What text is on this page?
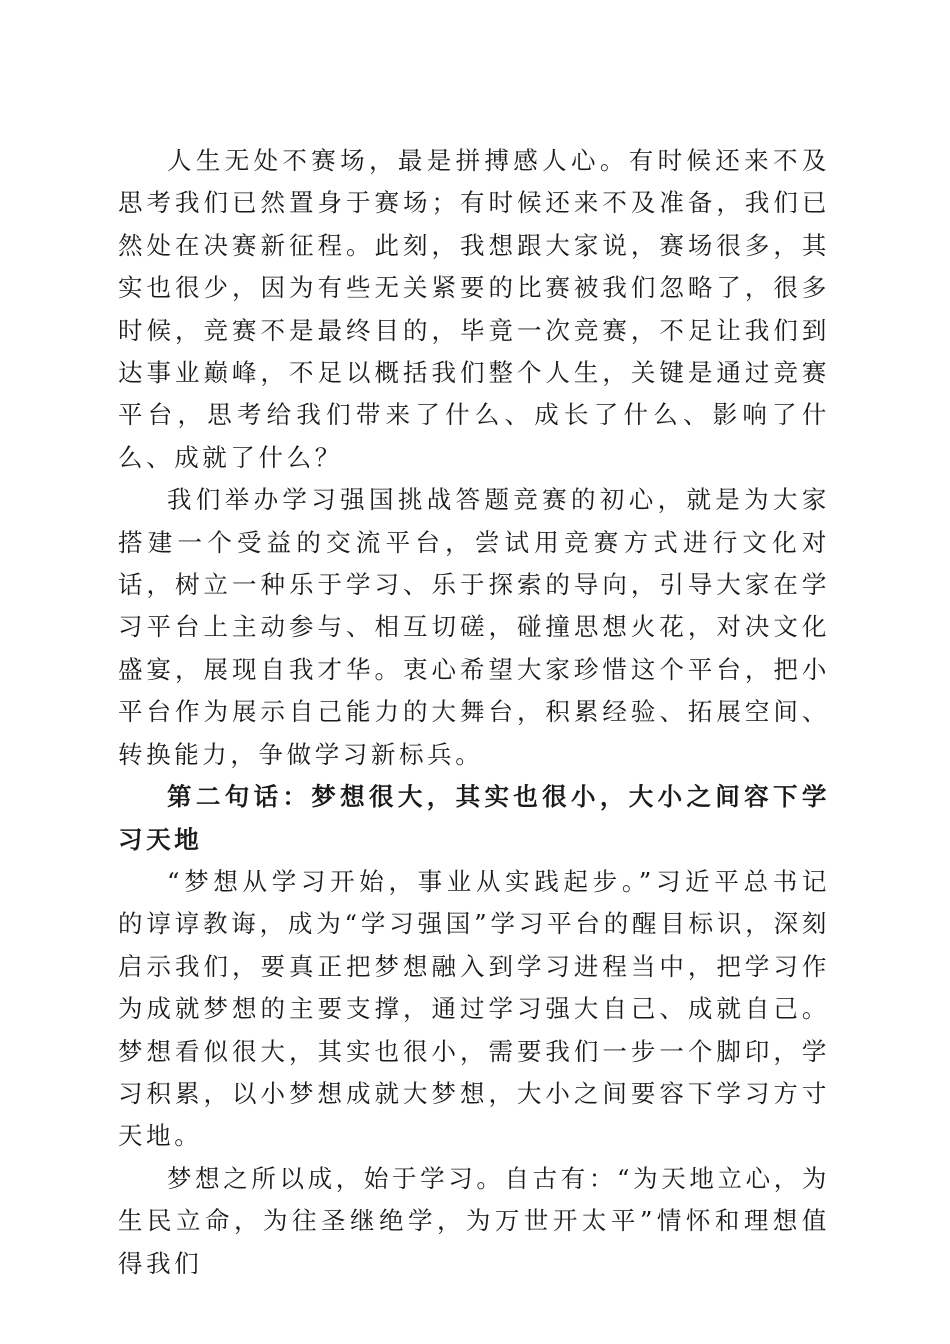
人生无处不赛场，最是拼搏感人心。有时候还来不及思考我们已然置身于赛场；有时候还来不及准备，我们已然处在决赛新征程。此刻，我想跟大家说，赛场很多，其实也很少，因为有些无关紧要的比赛被我们忽略了，很多时候，竞赛不是最终目的，毕竟一次竞赛，不足让我们到达事业巅峰，不足以概括我们整个人生，关键是通过竞赛平台，思考给我们带来了什么、成长了什么、影响了什么、成就了什么？

我们举办学习强国挑战答题竞赛的初心，就是为大家搭建一个受益的交流平台，尝试用竞赛方式进行文化对话，树立一种乐于学习、乐于探索的导向，引导大家在学习平台上主动参与、相互切磋，碰撞思想火花，对决文化盛宴，展现自我才华。衷心希望大家珍惜这个平台，把小平台作为展示自己能力的大舞台，积累经验、拓展空间、转换能力，争做学习新标兵。

第二句话：梦想很大，其实也很小，大小之间容下学习天地

“梦想从学习开始，事业从实践起步。”习近平总书记的谆谆教诲，成为“学习强国”学习平台的醒目标识，深刻启示我们，要真正把梦想融入到学习进程当中，把学习作为成就梦想的主要支撑，通过学习强大自己、成就自己。梦想看似很大，其实也很小，需要我们一步一个脚印，学习积累，以小梦想成就大梦想，大小之间要容下学习方寸天地。

梦想之所以成，始于学习。自古有：“为天地立心，为生民立命，为往圣继绝学，为万世开太平”情怀和理想值得我们
